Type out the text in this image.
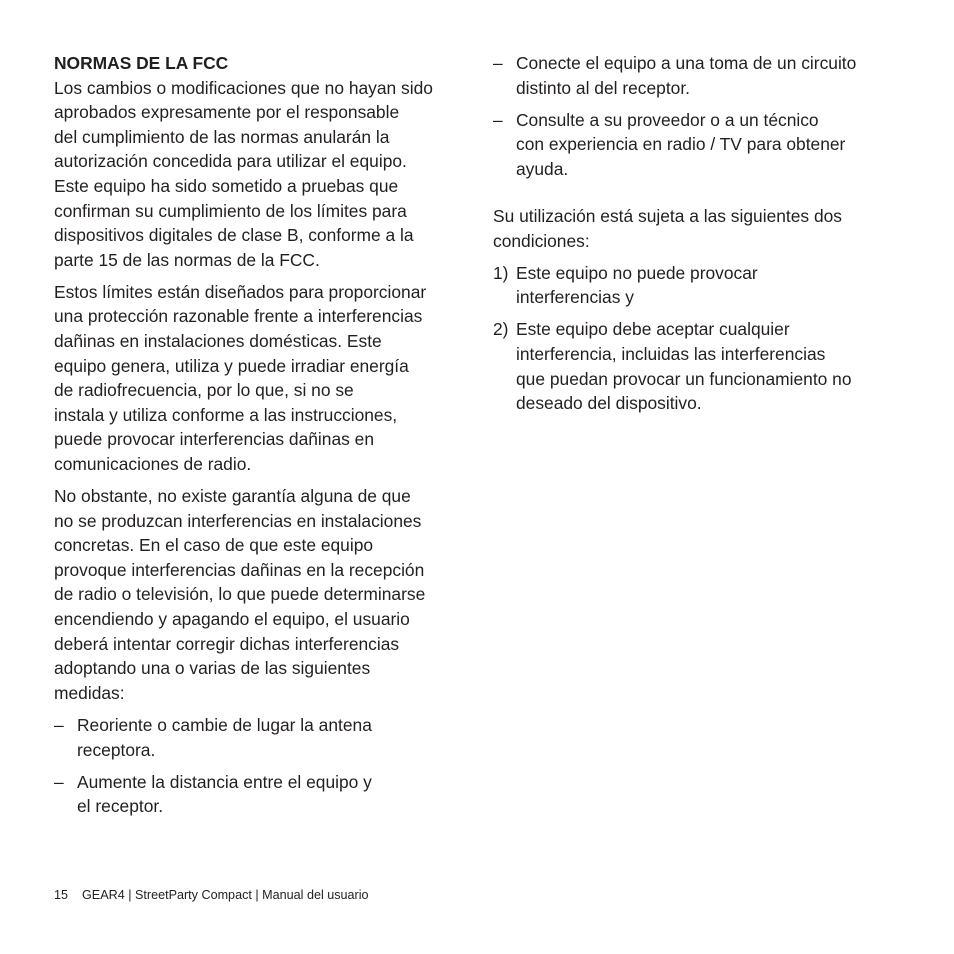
NORMAS DE LA FCC

Los cambios o modificaciones que no hayan sido
aprobados expresamente por el responsable
del cumplimiento de las normas anularán la
autorización concedida para utilizar el equipo.
Este equipo ha sido sometido a pruebas que
confirman su cumplimiento de los límites para
dispositivos digitales de clase B, conforme a la
parte 15 de las normas de la FCC.

Estos límites están diseñados para proporcionar
una protección razonable frente a interferencias
dañinas en instalaciones domésticas. Este
equipo genera, utiliza y puede irradiar energía
de radiofrecuencia, por lo que, si no se
instala y utiliza conforme a las instrucciones,
puede provocar interferencias dañinas en
comunicaciones de radio.

No obstante, no existe garantía alguna de que
no se produzcan interferencias en instalaciones
concretas. En el caso de que este equipo
provoque interferencias dañinas en la recepción
de radio o televisión, lo que puede determinarse
encendiendo y apagando el equipo, el usuario
deberá intentar corregir dichas interferencias
adoptando una o varias de las siguientes
medidas:

– Reoriente o cambie de lugar la antena
receptora.
– Aumente la distancia entre el equipo y
el receptor.
– Conecte el equipo a una toma de un circuito
distinto al del receptor.
– Consulte a su proveedor o a un técnico
con experiencia en radio / TV para obtener
ayuda.

Su utilización está sujeta a las siguientes dos
condiciones:

1) Este equipo no puede provocar
interferencias y
2) Este equipo debe aceptar cualquier
interferencia, incluidas las interferencias
que puedan provocar un funcionamiento no
deseado del dispositivo.
15 GEAR4 | StreetParty Compact | Manual del usuario
